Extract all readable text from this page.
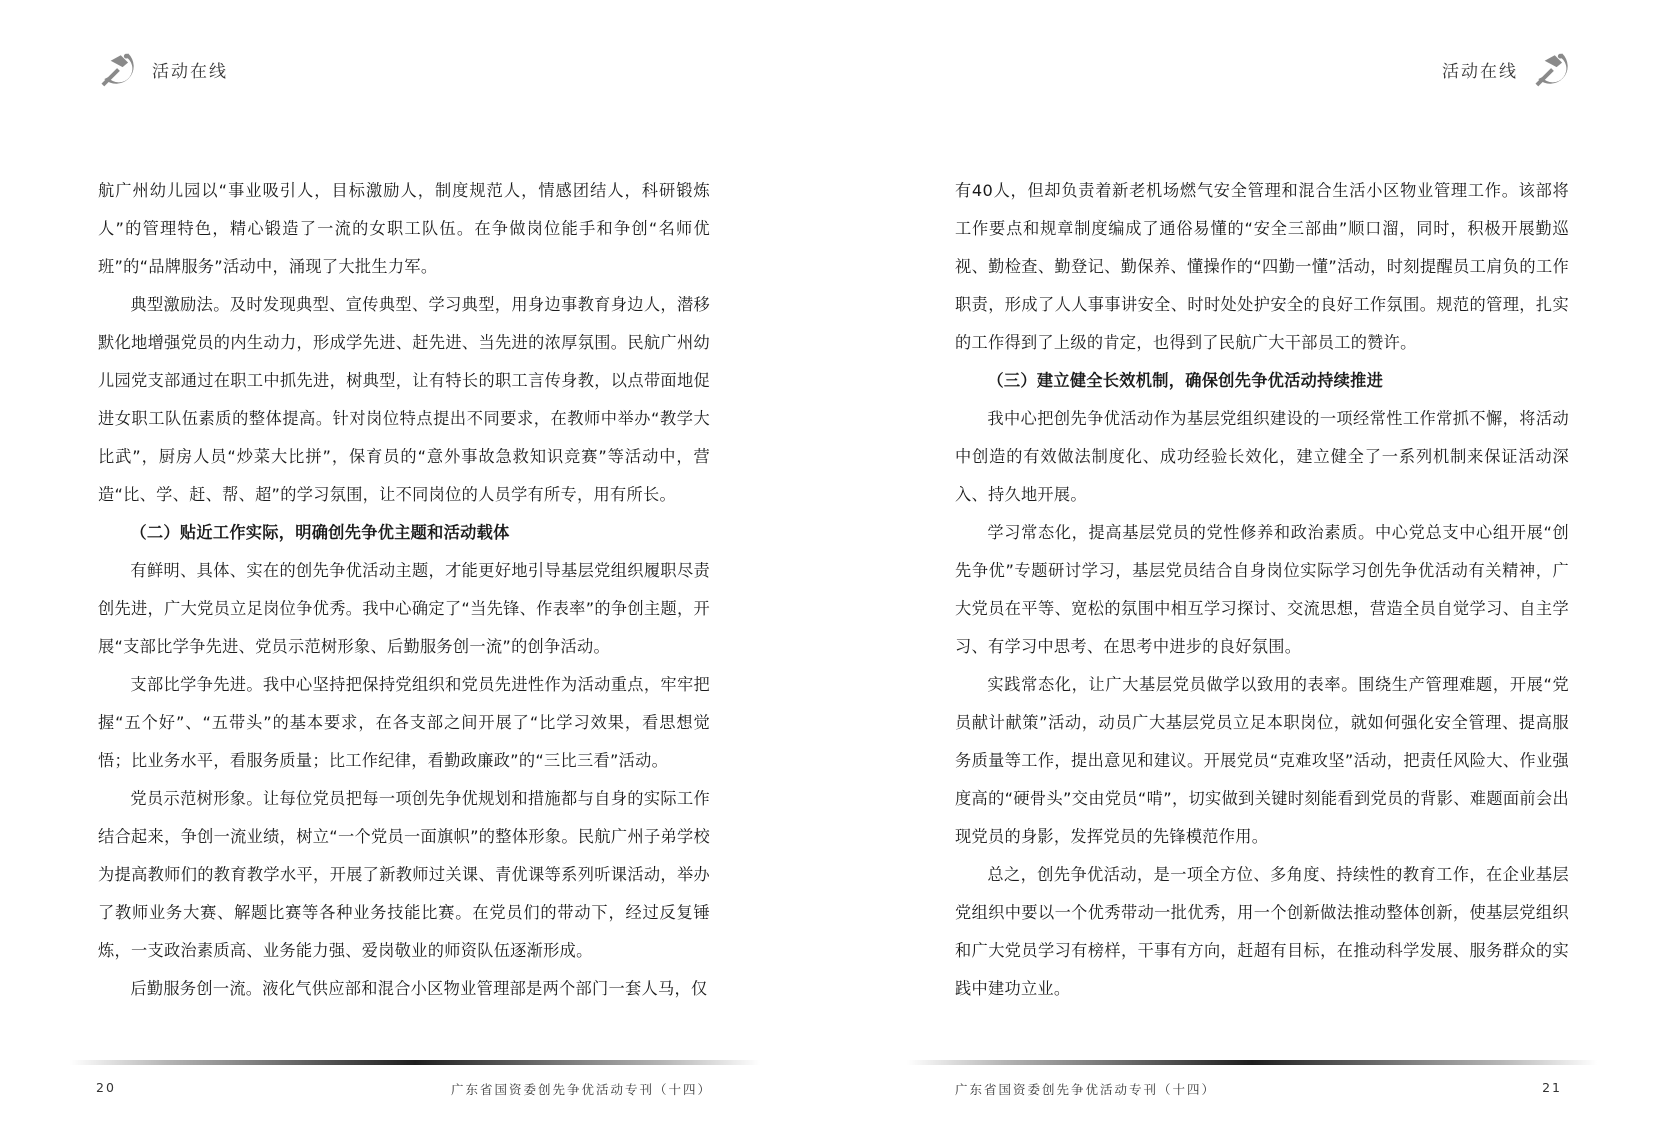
活动在线

航广州幼儿园以“事业吸引人，目标激励人，制度规范人，情感团结人，科研锻炼人”的管理特色，精心锻造了一流的女职工队伍。在争做岗位能手和争创“名师优班”的“品牌服务”活动中，涌现了大批生力军。

典型激励法。及时发现典型、宣传典型、学习典型，用身边事教育身边人，潜移默化地增强党员的内生动力，形成学先进、赶先进、当先进的浓厚氛围。民航广州幼儿园党支部通过在职工中抓先进，树典型，让有特长的职工言传身教，以点带面地促进女职工队伍素质的整体提高。针对岗位特点提出不同要求，在教师中举办“教学大比武”，厨房人员“炒菜大比拼”，保育员的“意外事故急救知识竞赛”等活动中，营造“比、学、赶、帮、超”的学习氛围，让不同岗位的人员学有所专，用有所长。

（二）贴近工作实际，明确创先争优主题和活动载体

有鲜明、具体、实在的创先争优活动主题，才能更好地引导基层党组织履职尽责创先进，广大党员立足岗位争优秀。我中心确定了“当先锋、作表率”的争创主题，开展“支部比学争先进、党员示范树形象、后勤服务创一流”的创争活动。

支部比学争先进。我中心坚持把保持党组织和党员先进性作为活动重点，牢牢把握“五个好”、“五带头”的基本要求，在各支部之间开展了“比学习效果，看思想觉悟；比业务水平，看服务质量；比工作纪律，看勤政廉政”的“三比三看”活动。

党员示范树形象。让每位党员把每一项创先争优规划和措施都与自身的实际工作结合起来，争创一流业绩，树立“一个党员一面旗帜”的整体形象。民航广州子弟学校为提高教师们的教育教学水平，开展了新教师过关课、青优课等系列听课活动，举办了教师业务大赛、解题比赛等各种业务技能比赛。在党员们的带动下，经过反复锤炼，一支政治素质高、业务能力强、爱岗敬业的师资队伍逐渐形成。

后勤服务创一流。液化气供应部和混合小区物业管理部是两个部门一套人马，仅

20	广东省国资委创先争优活动专刊（十四）
活动在线

有40人，但却负责着新老机场燃气安全管理和混合生活小区物业管理工作。该部将工作要点和规章制度编成了通俗易懂的“安全三部曲”顺口溜，同时，积极开展勤巡视、勤检查、勤登记、勤保养、懂操作的“四勤一懂”活动，时刻提醒员工肩负的工作职责，形成了人人事事讲安全、时时处处护安全的良好工作氛围。规范的管理，扎实的工作得到了上级的肯定，也得到了民航广大干部员工的赞许。

（三）建立健全长效机制，确保创先争优活动持续推进

我中心把创先争优活动作为基层党组织建设的一项经常性工作常抓不懈，将活动中创造的有效做法制度化、成功经验长效化，建立健全了一系列机制来保证活动深入、持久地开展。

学习常态化，提高基层党员的党性修养和政治素质。中心党总支中心组开展“创先争优”专题研讨学习，基层党员结合自身岗位实际学习创先争优活动有关精神，广大党员在平等、宽松的氛围中相互学习探讨、交流思想，营造全员自觉学习、自主学习、有学习中思考、在思考中进步的良好氛围。

实践常态化，让广大基层党员做学以致用的表率。围绕生产管理难题，开展“党员献计献策”活动，动员广大基层党员立足本职岗位，就如何强化安全管理、提高服务质量等工作，提出意见和建议。开展党员“克难攻坚”活动，把责任风险大、作业强度高的“硬骨头”交由党员“啃”，切实做到关键时刻能看到党员的背影、难题面前会出现党员的身影，发挥党员的先锋模范作用。

总之，创先争优活动，是一项全方位、多角度、持续性的教育工作，在企业基层党组织中要以一个优秀带动一批优秀，用一个创新做法推动整体创新，使基层党组织和广大党员学习有榜样，干事有方向，赶超有目标，在推动科学发展、服务群众的实践中建功立业。

广东省国资委创先争优活动专刊（十四）	21
